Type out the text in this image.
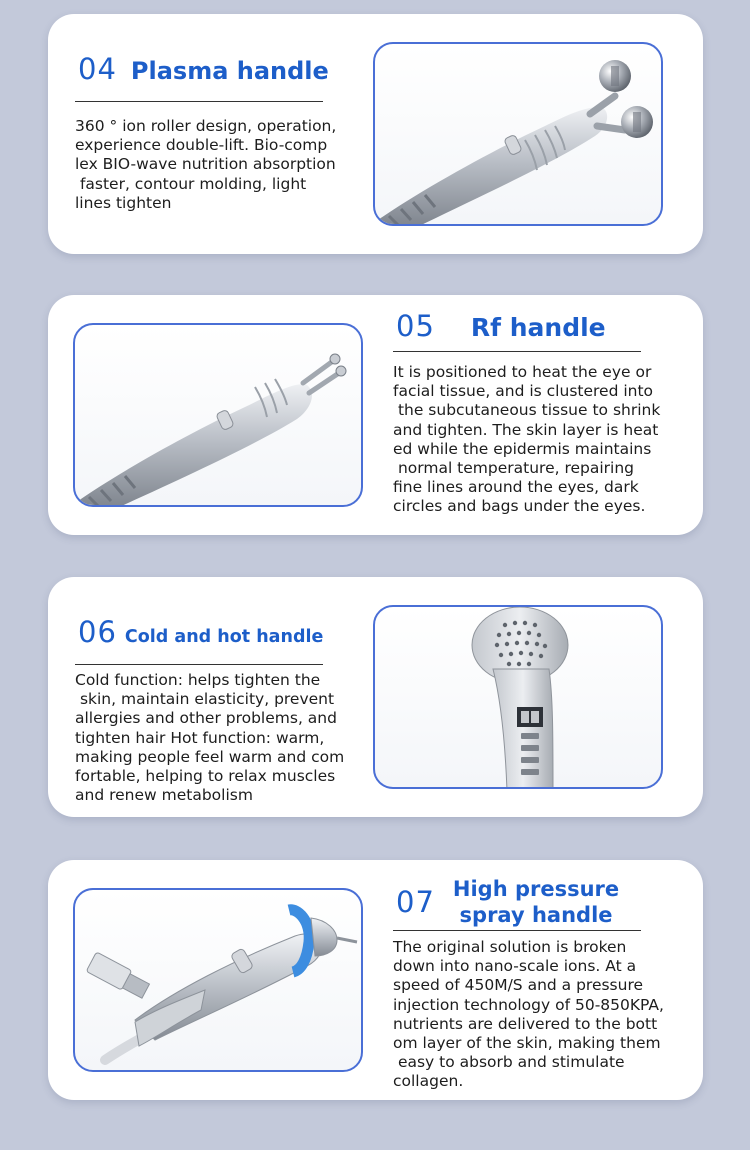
04 Plasma handle
360 ° ion roller design, operation,
experience double-lift. Bio-comp
lex BIO-wave nutrition absorption
faster, contour molding, light
lines tighten
05 Rf handle
It is positioned to heat the eye or
facial tissue, and is clustered into
the subcutaneous tissue to shrink
and tighten. The skin layer is heat
ed while the epidermis maintains
normal temperature, repairing
fine lines around the eyes, dark
circles and bags under the eyes.
06 Cold and hot handle
Cold function: helps tighten the
skin, maintain elasticity, prevent
allergies and other problems, and
tighten hair Hot function: warm,
making people feel warm and com
fortable, helping to relax muscles
and renew metabolism
07 High pressure
spray handle
The original solution is broken
down into nano-scale ions. At a
speed of 450M/S and a pressure
injection technology of 50-850KPA,
nutrients are delivered to the bott
om layer of the skin, making them
easy to absorb and stimulate
collagen.
